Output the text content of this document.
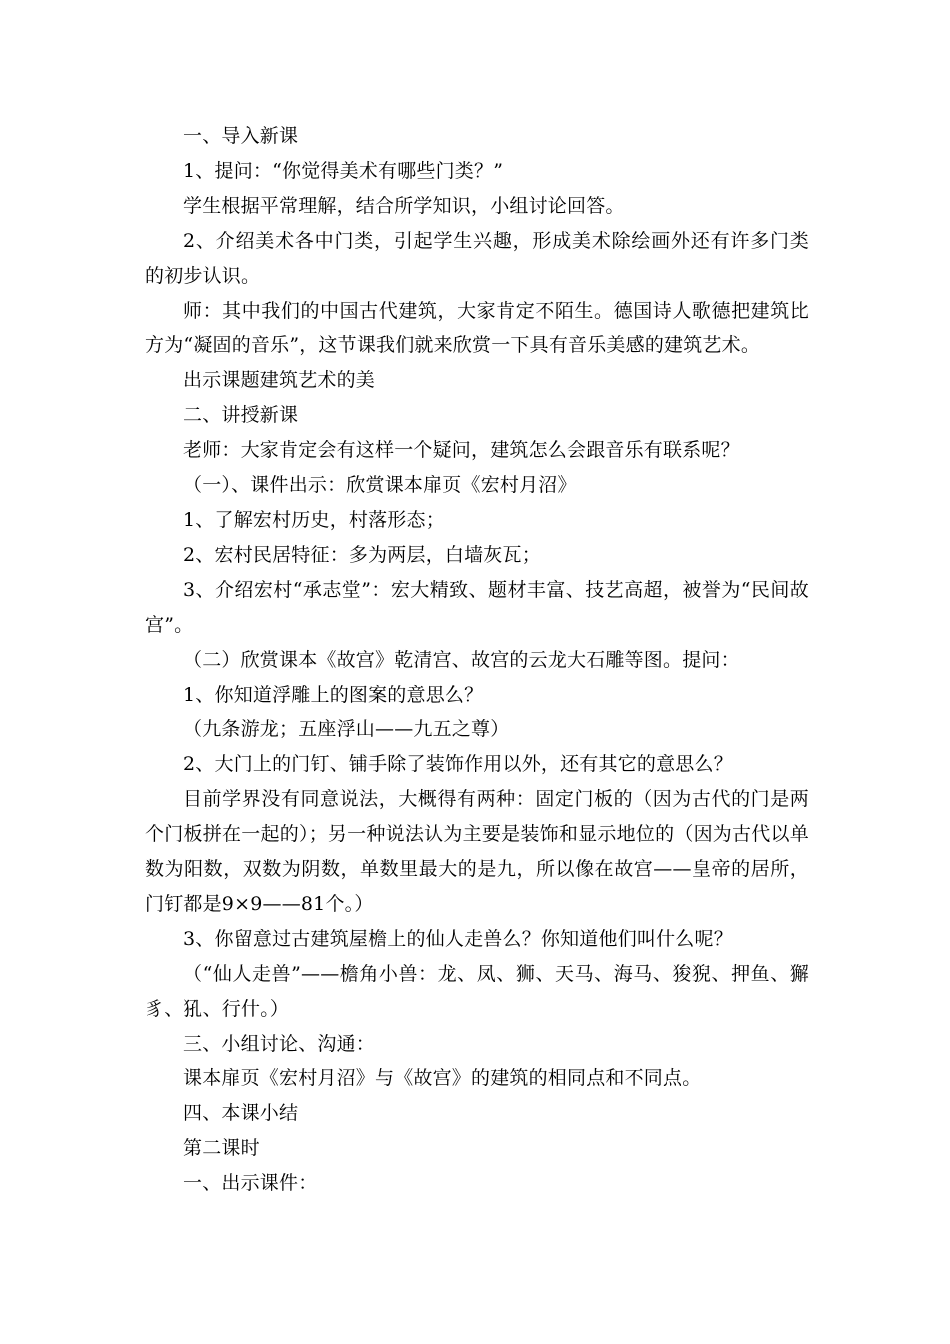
一、导入新课

1、提问：“你觉得美术有哪些门类？”

学生根据平常理解，结合所学知识，小组讨论回答。

2、介绍美术各中门类，引起学生兴趣，形成美术除绘画外还有许多门类的初步认识。

师：其中我们的中国古代建筑，大家肯定不陌生。德国诗人歌德把建筑比方为“凝固的音乐”，这节课我们就来欣赏一下具有音乐美感的建筑艺术。

出示课题建筑艺术的美

二、讲授新课

老师：大家肯定会有这样一个疑问，建筑怎么会跟音乐有联系呢？

（一）、课件出示：欣赏课本扉页《宏村月沼》

1、了解宏村历史，村落形态；

2、宏村民居特征：多为两层，白墙灰瓦；

3、介绍宏村“承志堂”：宏大精致、题材丰富、技艺高超，被誉为“民间故宫”。

（二）欣赏课本《故宫》乾清宫、故宫的云龙大石雕等图。提问：

1、你知道浮雕上的图案的意思么？

（九条游龙；五座浮山——九五之尊）

2、大门上的门钉、铺手除了装饰作用以外，还有其它的意思么？

目前学界没有同意说法，大概得有两种：固定门板的（因为古代的门是两个门板拼在一起的）；另一种说法认为主要是装饰和显示地位的（因为古代以单数为阳数，双数为阴数，单数里最大的是九，所以像在故宫——皇帝的居所，门钉都是9×9——81个。）

3、你留意过古建筑屋檐上的仙人走兽么？你知道他们叫什么呢？

（“仙人走兽”——檐角小兽：龙、凤、狮、天马、海马、狻猊、押鱼、獬豸、犼、行什。）

三、小组讨论、沟通：

课本扉页《宏村月沼》与《故宫》的建筑的相同点和不同点。

四、本课小结

第二课时

一、出示课件：
